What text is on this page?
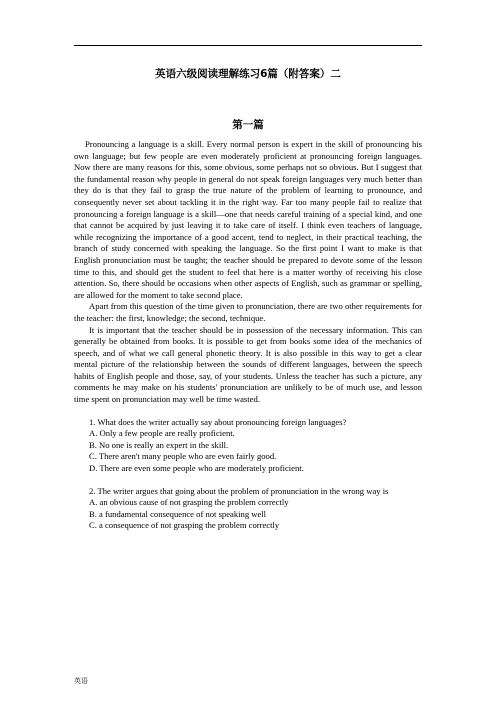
英语六级阅读理解练习6篇（附答案）二
第一篇

Pronouncing a language is a skill. Every normal person is expert in the skill of pronouncing his own language; but few people are even moderately proficient at pronouncing foreign languages. Now there are many reasons for this, some obvious, some perhaps not so obvious. But I suggest that the fundamental reason why people in general do not speak foreign languages very much better than they do is that they fail to grasp the true nature of the problem of learning to pronounce, and consequently never set about tackling it in the right way. Far too many people fail to realize that pronouncing a foreign language is a skill—one that needs careful training of a special kind, and one that cannot be acquired by just leaving it to take care of itself. I think even teachers of language, while recognizing the importance of a good accent, tend to neglect, in their practical teaching, the branch of study concerned with speaking the language. So the first point I want to make is that English pronunciation must be taught; the teacher should be prepared to devote some of the lesson time to this, and should get the student to feel that here is a matter worthy of receiving his close attention. So, there should be occasions when other aspects of English, such as grammar or spelling, are allowed for the moment to take second place.

Apart from this question of the time given to pronunciation, there are two other requirements for the teacher: the first, knowledge; the second, technique.

It is important that the teacher should be in possession of the necessary information. This can generally be obtained from books. It is possible to get from books some idea of the mechanics of speech, and of what we call general phonetic theory. It is also possible in this way to get a clear mental picture of the relationship between the sounds of different languages, between the speech habits of English people and those, say, of your students. Unless the teacher has such a picture, any comments he may make on his students' pronunciation are unlikely to be of much use, and lesson time spent on pronunciation may well be time wasted.

1. What does the writer actually say about pronouncing foreign languages?
A. Only a few people are really proficient.
B. No one is really an expert in the skill.
C. There aren't many people who are even fairly good.
D. There are even some people who are moderately proficient.
2. The writer argues that going about the problem of pronunciation in the wrong way is
A. an obvious cause of not grasping the problem correctly
B. a fundamental consequence of not speaking well
C. a consequence of not grasping the problem correctly
英语
